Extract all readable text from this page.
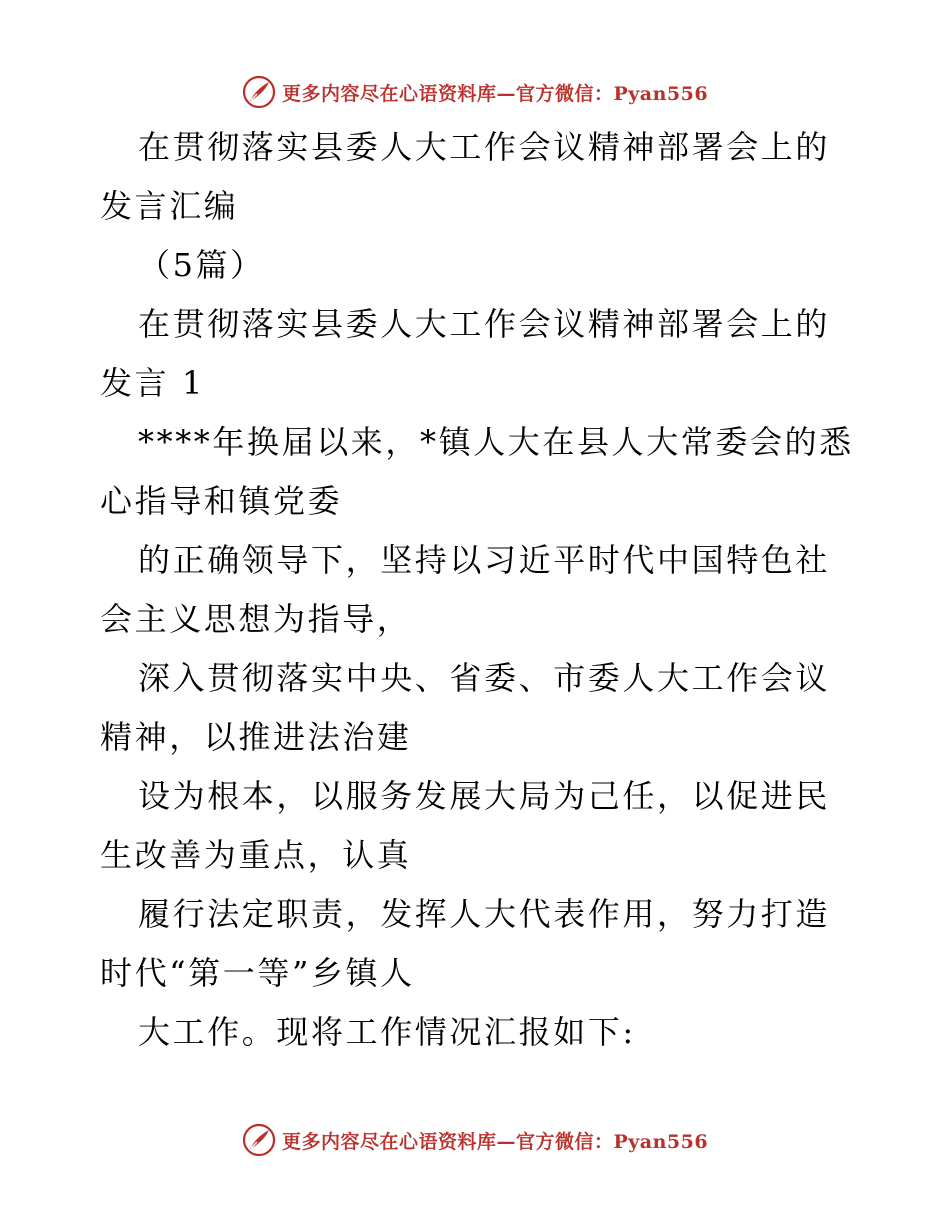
更多内容尽在心语资料库—官方微信：Pyan556

在贯彻落实县委人大工作会议精神部署会上的发言汇编

（5篇）

在贯彻落实县委人大工作会议精神部署会上的发言 1

****年换届以来，*镇人大在县人大常委会的悉心指导和镇党委

的正确领导下，坚持以习近平时代中国特色社会主义思想为指导，

深入贯彻落实中央、省委、市委人大工作会议精神，以推进法治建

设为根本，以服务发展大局为己任，以促进民生改善为重点，认真

履行法定职责，发挥人大代表作用，努力打造时代“第一等”乡镇人

大工作。现将工作情况汇报如下:

更多内容尽在心语资料库—官方微信：Pyan556
